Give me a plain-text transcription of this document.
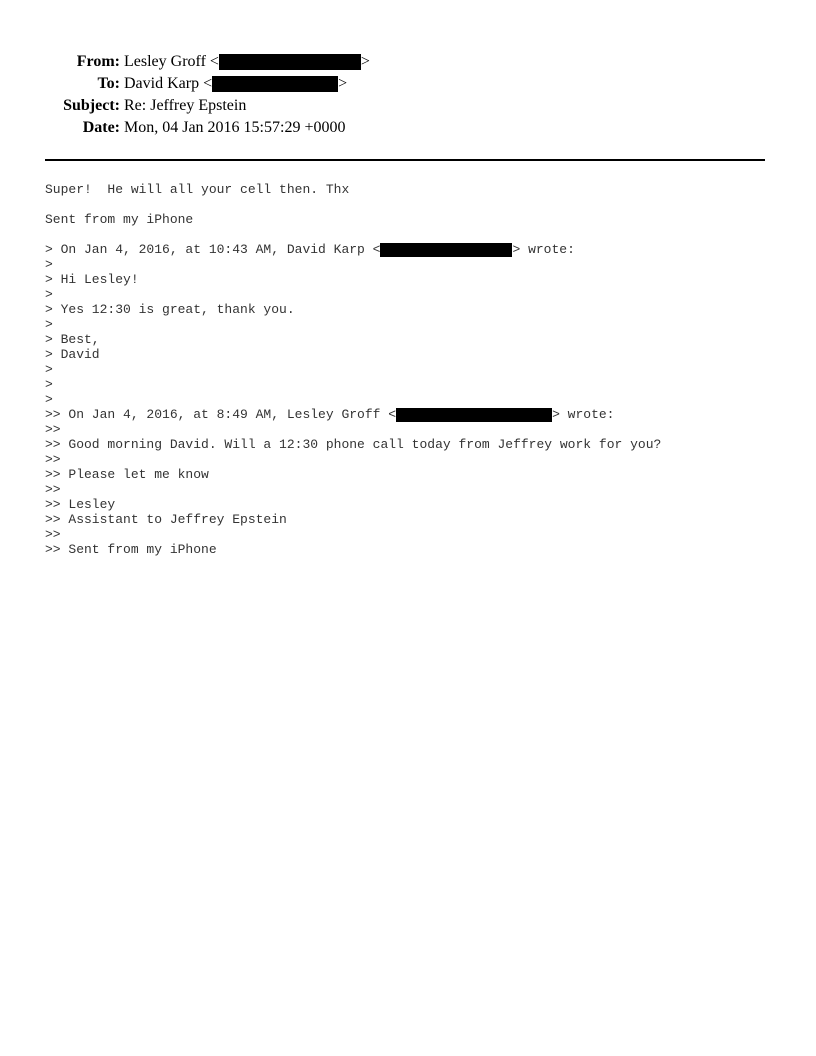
From: Lesley Groff <	>
To: David Karp <	>
Subject: Re: Jeffrey Epstein
Date: Mon, 04 Jan 2016 15:57:29 +0000
Super!  He will all your cell then. Thx
Sent from my iPhone
> On Jan 4, 2016, at 10:43 AM, David Karp <	> wrote:
>
> Hi Lesley!
>
> Yes 12:30 is great, thank you.
>
> Best,
> David
>
>
>
>> On Jan 4, 2016, at 8:49 AM, Lesley Groff <	> wrote:
>>
>> Good morning David. Will a 12:30 phone call today from Jeffrey work for you?
>>
>> Please let me know
>>
>> Lesley
>> Assistant to Jeffrey Epstein
>>
>> Sent from my iPhone
